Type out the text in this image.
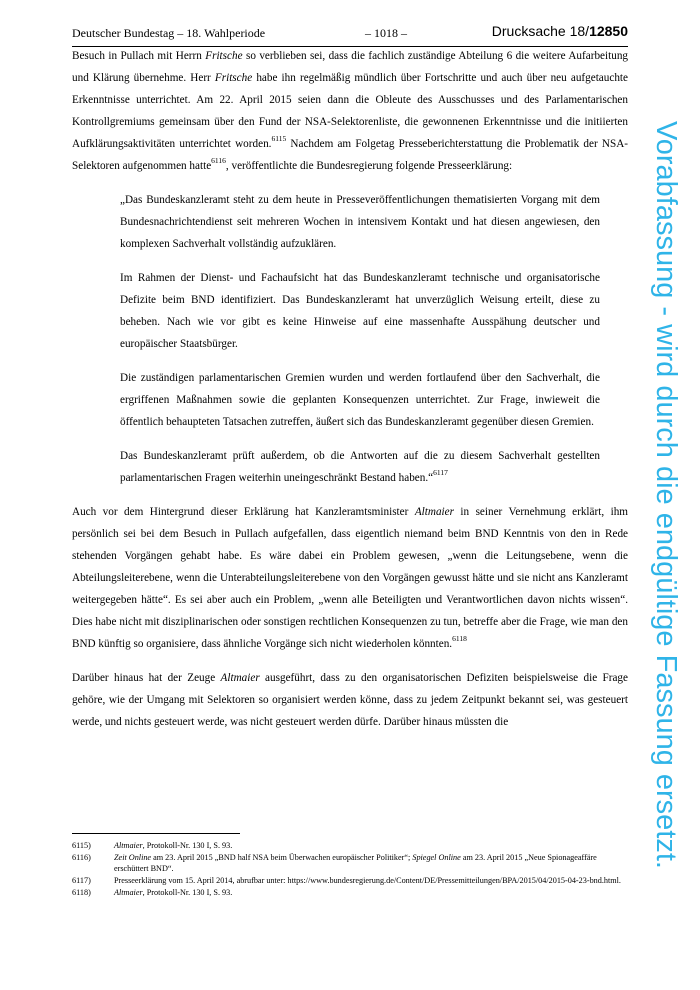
Deutscher Bundestag – 18. Wahlperiode	– 1018 –	Drucksache 18/12850

Besuch in Pullach mit Herrn Fritsche so verblieben sei, dass die fachlich zuständige Abteilung 6 die weitere Aufarbeitung und Klärung übernehme. Herr Fritsche habe ihn regelmäßig mündlich über Fortschritte und auch über neu aufgetauchte Erkenntnisse unterrichtet. Am 22. April 2015 seien dann die Obleute des Ausschusses und des Parlamentarischen Kontrollgremiums gemeinsam über den Fund der NSA-Selektorenliste, die gewonnenen Erkenntnisse und die initiierten Aufklärungsaktivitäten unterrichtet worden.$^{6115}$ Nachdem am Folgetag Presseberichterstattung die Problematik der NSA-Selektoren aufgenommen hatte$^{6116}$, veröffentlichte die Bundesregierung folgende Presseerklärung:

„Das Bundeskanzleramt steht zu dem heute in Presseveröffentlichungen thematisierten Vorgang mit dem Bundesnachrichtendienst seit mehreren Wochen in intensivem Kontakt und hat diesen angewiesen, den komplexen Sachverhalt vollständig aufzuklären.

Im Rahmen der Dienst- und Fachaufsicht hat das Bundeskanzleramt technische und organisatorische Defizite beim BND identifiziert. Das Bundeskanzleramt hat unverzüglich Weisung erteilt, diese zu beheben. Nach wie vor gibt es keine Hinweise auf eine massenhafte Ausspähung deutscher und europäischer Staatsbürger.

Die zuständigen parlamentarischen Gremien wurden und werden fortlaufend über den Sachverhalt, die ergriffenen Maßnahmen sowie die geplanten Konsequenzen unterrichtet. Zur Frage, inwieweit die öffentlich behaupteten Tatsachen zutreffen, äußert sich das Bundeskanzleramt gegenüber diesen Gremien.

Das Bundeskanzleramt prüft außerdem, ob die Antworten auf die zu diesem Sachverhalt gestellten parlamentarischen Fragen weiterhin uneingeschränkt Bestand haben.“$^{6117}$

Auch vor dem Hintergrund dieser Erklärung hat Kanzleramtsminister Altmaier in seiner Vernehmung erklärt, ihm persönlich sei bei dem Besuch in Pullach aufgefallen, dass eigentlich niemand beim BND Kenntnis von den in Rede stehenden Vorgängen gehabt habe. Es wäre dabei ein Problem gewesen, „wenn die Leitungsebene, wenn die Abteilungsleiterebene, wenn die Unterabteilungsleiterebene von den Vorgängen gewusst hätte und sie nicht ans Kanzleramt weitergegeben hätte“. Es sei aber auch ein Problem, „wenn alle Beteiligten und Verantwortlichen davon nichts wissen“. Dies habe nicht mit disziplinarischen oder sonstigen rechtlichen Konsequenzen zu tun, betreffe aber die Frage, wie man den BND künftig so organisiere, dass ähnliche Vorgänge sich nicht wiederholen könnten.$^{6118}$

Darüber hinaus hat der Zeuge Altmaier ausgeführt, dass zu den organisatorischen Defiziten beispielsweise die Frage gehöre, wie der Umgang mit Selektoren so organisiert werden könne, dass zu jedem Zeitpunkt bekannt sei, was gesteuert werde, und nichts gesteuert werde, was nicht gesteuert werden dürfe. Darüber hinaus müssten die

6115)	Altmaier, Protokoll-Nr. 130 I, S. 93.
6116)	Zeit Online am 23. April 2015 „BND half NSA beim Überwachen europäischer Politiker“; Spiegel Online am 23. April 2015 „Neue Spionageaffäre erschüttert BND“.
6117)	Presseerklärung vom 15. April 2014, abrufbar unter: https://www.bundesregierung.de/Content/DE/Pressemitteilungen/BPA/2015/04/2015-04-23-bnd.html.
6118)	Altmaier, Protokoll-Nr. 130 I, S. 93.
Vorabfassung - wird durch die endgültige Fassung ersetzt.
